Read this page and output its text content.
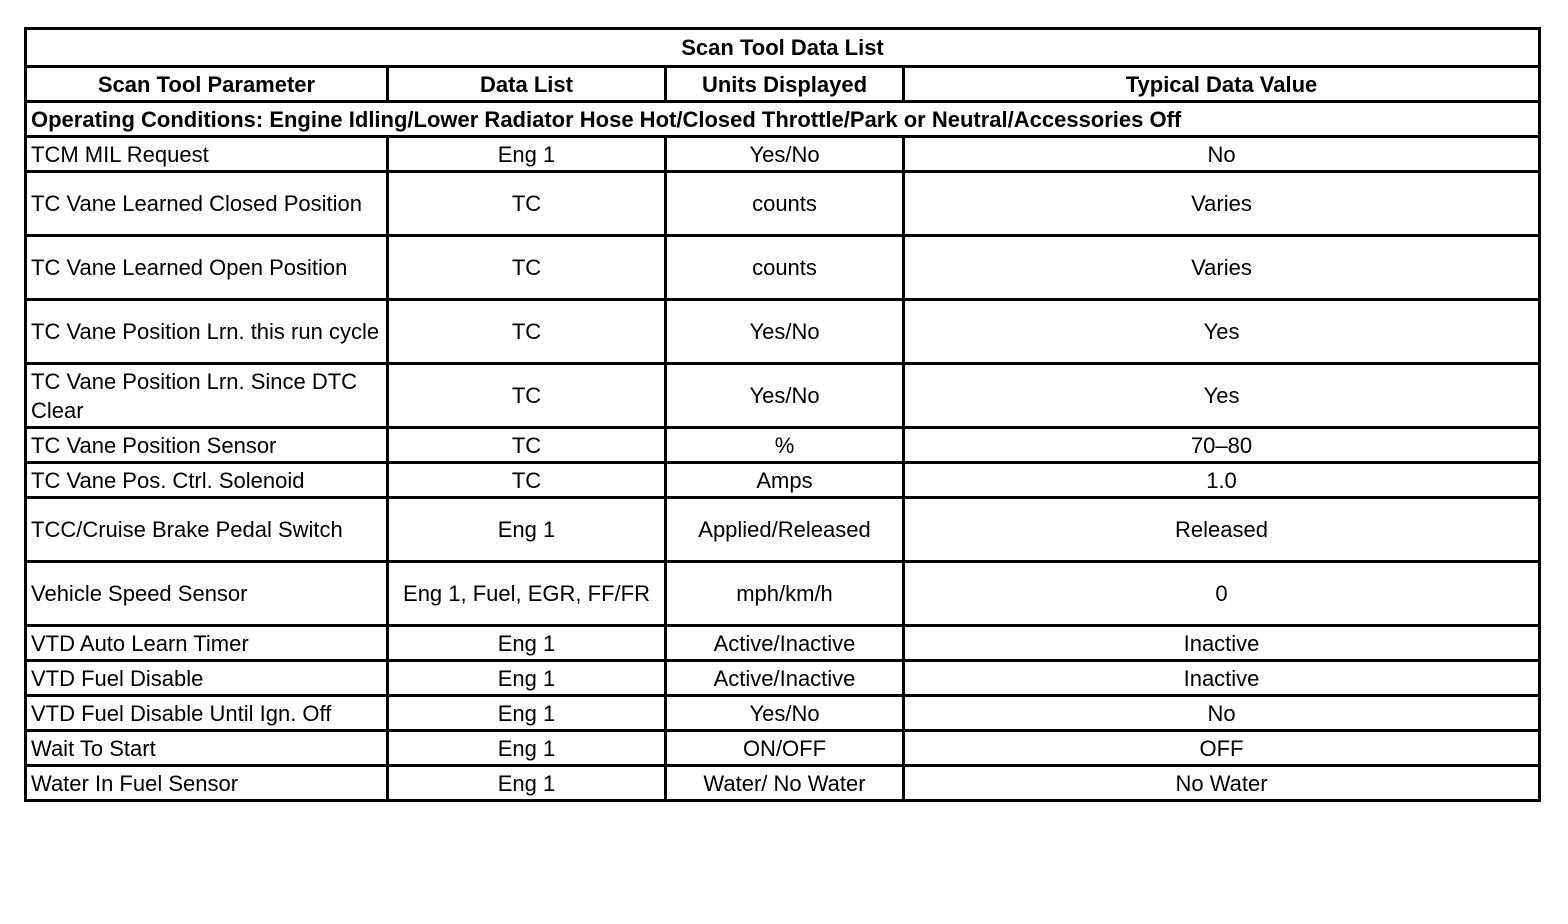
Scan Tool Data List			
Scan Tool Parameter	Data List	Units Displayed	Typical Data Value
Operating Conditions: Engine Idling/Lower Radiator Hose Hot/Closed Throttle/Park or Neutral/Accessories Off			
TCM MIL Request	Eng 1	Yes/No	No
TC Vane Learned Closed Position	TC	counts	Varies
TC Vane Learned Open Position	TC	counts	Varies
TC Vane Position Lrn. this run cycle	TC	Yes/No	Yes
TC Vane Position Lrn. Since DTC Clear	TC	Yes/No	Yes
TC Vane Position Sensor	TC	%	70–80
TC Vane Pos. Ctrl. Solenoid	TC	Amps	1.0
TCC/Cruise Brake Pedal Switch	Eng 1	Applied/Released	Released
Vehicle Speed Sensor	Eng 1, Fuel, EGR, FF/FR	mph/km/h	0
VTD Auto Learn Timer	Eng 1	Active/Inactive	Inactive
VTD Fuel Disable	Eng 1	Active/Inactive	Inactive
VTD Fuel Disable Until Ign. Off	Eng 1	Yes/No	No
Wait To Start	Eng 1	ON/OFF	OFF
Water In Fuel Sensor	Eng 1	Water/ No Water	No Water
